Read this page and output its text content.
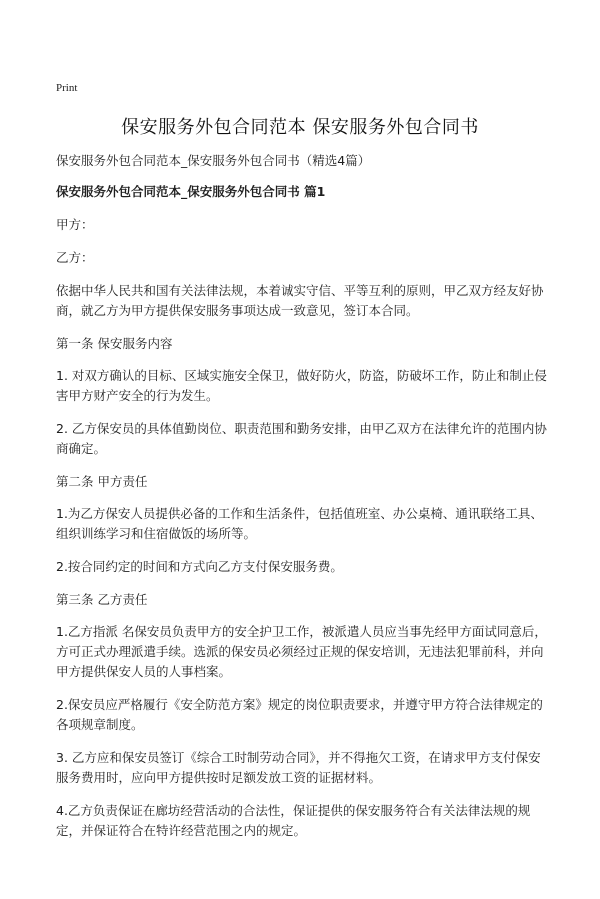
Print
保安服务外包合同范本 保安服务外包合同书

保安服务外包合同范本_保安服务外包合同书（精选4篇）

保安服务外包合同范本_保安服务外包合同书 篇1

甲方：

乙方：

依据中华人民共和国有关法律法规，本着诚实守信、平等互利的原则，甲乙双方经友好协商，就乙方为甲方提供保安服务事项达成一致意见，签订本合同。

第一条 保安服务内容

1. 对双方确认的目标、区域实施安全保卫，做好防火，防盗，防破坏工作，防止和制止侵害甲方财产安全的行为发生。

2. 乙方保安员的具体值勤岗位、职责范围和勤务安排，由甲乙双方在法律允许的范围内协商确定。

第二条 甲方责任

1.为乙方保安人员提供必备的工作和生活条件，包括值班室、办公桌椅、通讯联络工具、组织训练学习和住宿做饭的场所等。

2.按合同约定的时间和方式向乙方支付保安服务费。

第三条 乙方责任

1.乙方指派 名保安员负责甲方的安全护卫工作，被派遣人员应当事先经甲方面试同意后，方可正式办理派遣手续。选派的保安员必须经过正规的保安培训，无违法犯罪前科，并向甲方提供保安人员的人事档案。

2.保安员应严格履行《安全防范方案》规定的岗位职责要求，并遵守甲方符合法律规定的各项规章制度。

3. 乙方应和保安员签订《综合工时制劳动合同》，并不得拖欠工资，在请求甲方支付保安服务费用时，应向甲方提供按时足额发放工资的证据材料。

4.乙方负责保证在廊坊经营活动的合法性，保证提供的保安服务符合有关法律法规的规定，并保证符合在特许经营范围之内的规定。
